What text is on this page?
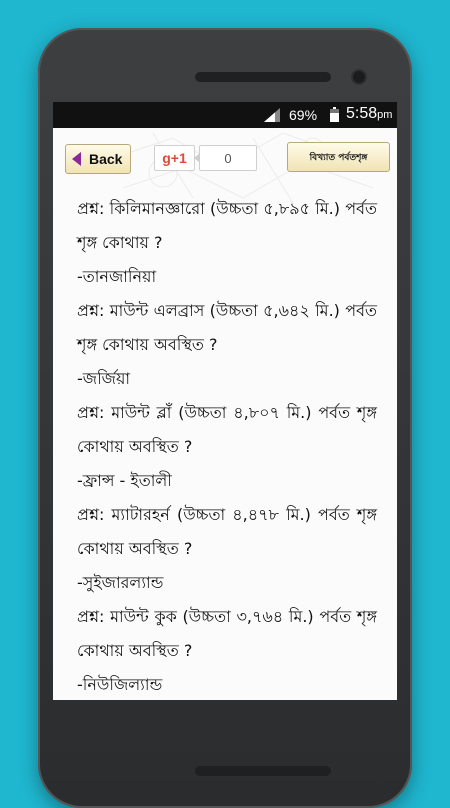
69% 5:58pm
Back	g+1	0	বিখ্যাত পর্বতশৃঙ্গ

প্রশ্ন: কিলিমানজ্ঞারো (উচ্চতা ৫,৮৯৫ মি.) পর্বত শৃঙ্গ কোথায় ?

-তানজানিয়া

প্রশ্ন: মাউন্ট এলব্রাস (উচ্চতা ৫,৬৪২ মি.) পর্বত শৃঙ্গ কোথায় অবস্থিত ?

-জর্জিয়া

প্রশ্ন: মাউন্ট ব্লাঁ (উচ্চতা ৪,৮০৭ মি.) পর্বত শৃঙ্গ কোথায় অবস্থিত ?

-ফ্রান্স - ইতালী

প্রশ্ন: ম্যাটারহর্ন (উচ্চতা ৪,৪৭৮ মি.) পর্বত শৃঙ্গ কোথায় অবস্থিত ?

-সুইজারল্যান্ড

প্রশ্ন: মাউন্ট কুক (উচ্চতা ৩,৭৬৪ মি.) পর্বত শৃঙ্গ কোথায় অবস্থিত ?

-নিউজিল্যান্ড
